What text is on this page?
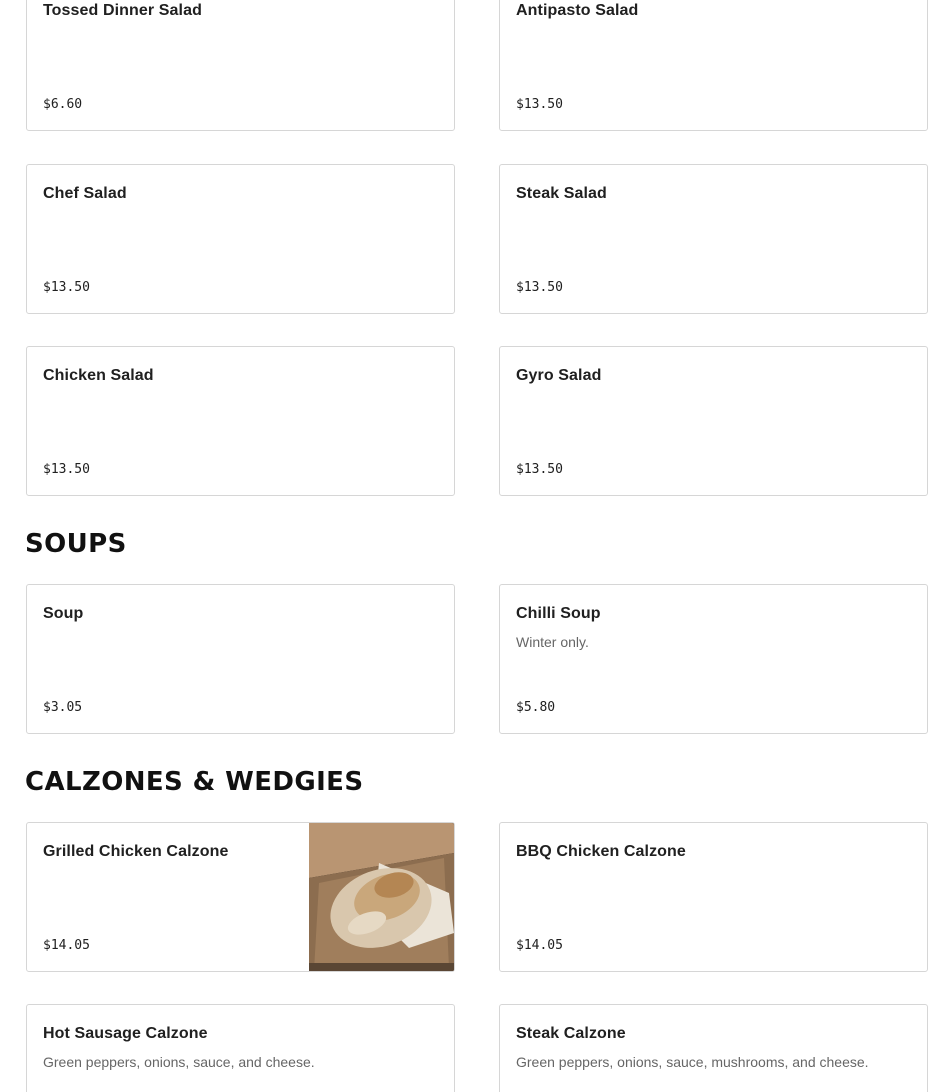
Tossed Dinner Salad
$6.60
Antipasto Salad
$13.50
Chef Salad
$13.50
Steak Salad
$13.50
Chicken Salad
$13.50
Gyro Salad
$13.50
SOUPS
Soup
$3.05
Chilli Soup
Winter only.
$5.80
CALZONES & WEDGIES
Grilled Chicken Calzone
$14.05
BBQ Chicken Calzone
$14.05
Hot Sausage Calzone
Green peppers, onions, sauce, and cheese.
Steak Calzone
Green peppers, onions, sauce, mushrooms, and cheese.
